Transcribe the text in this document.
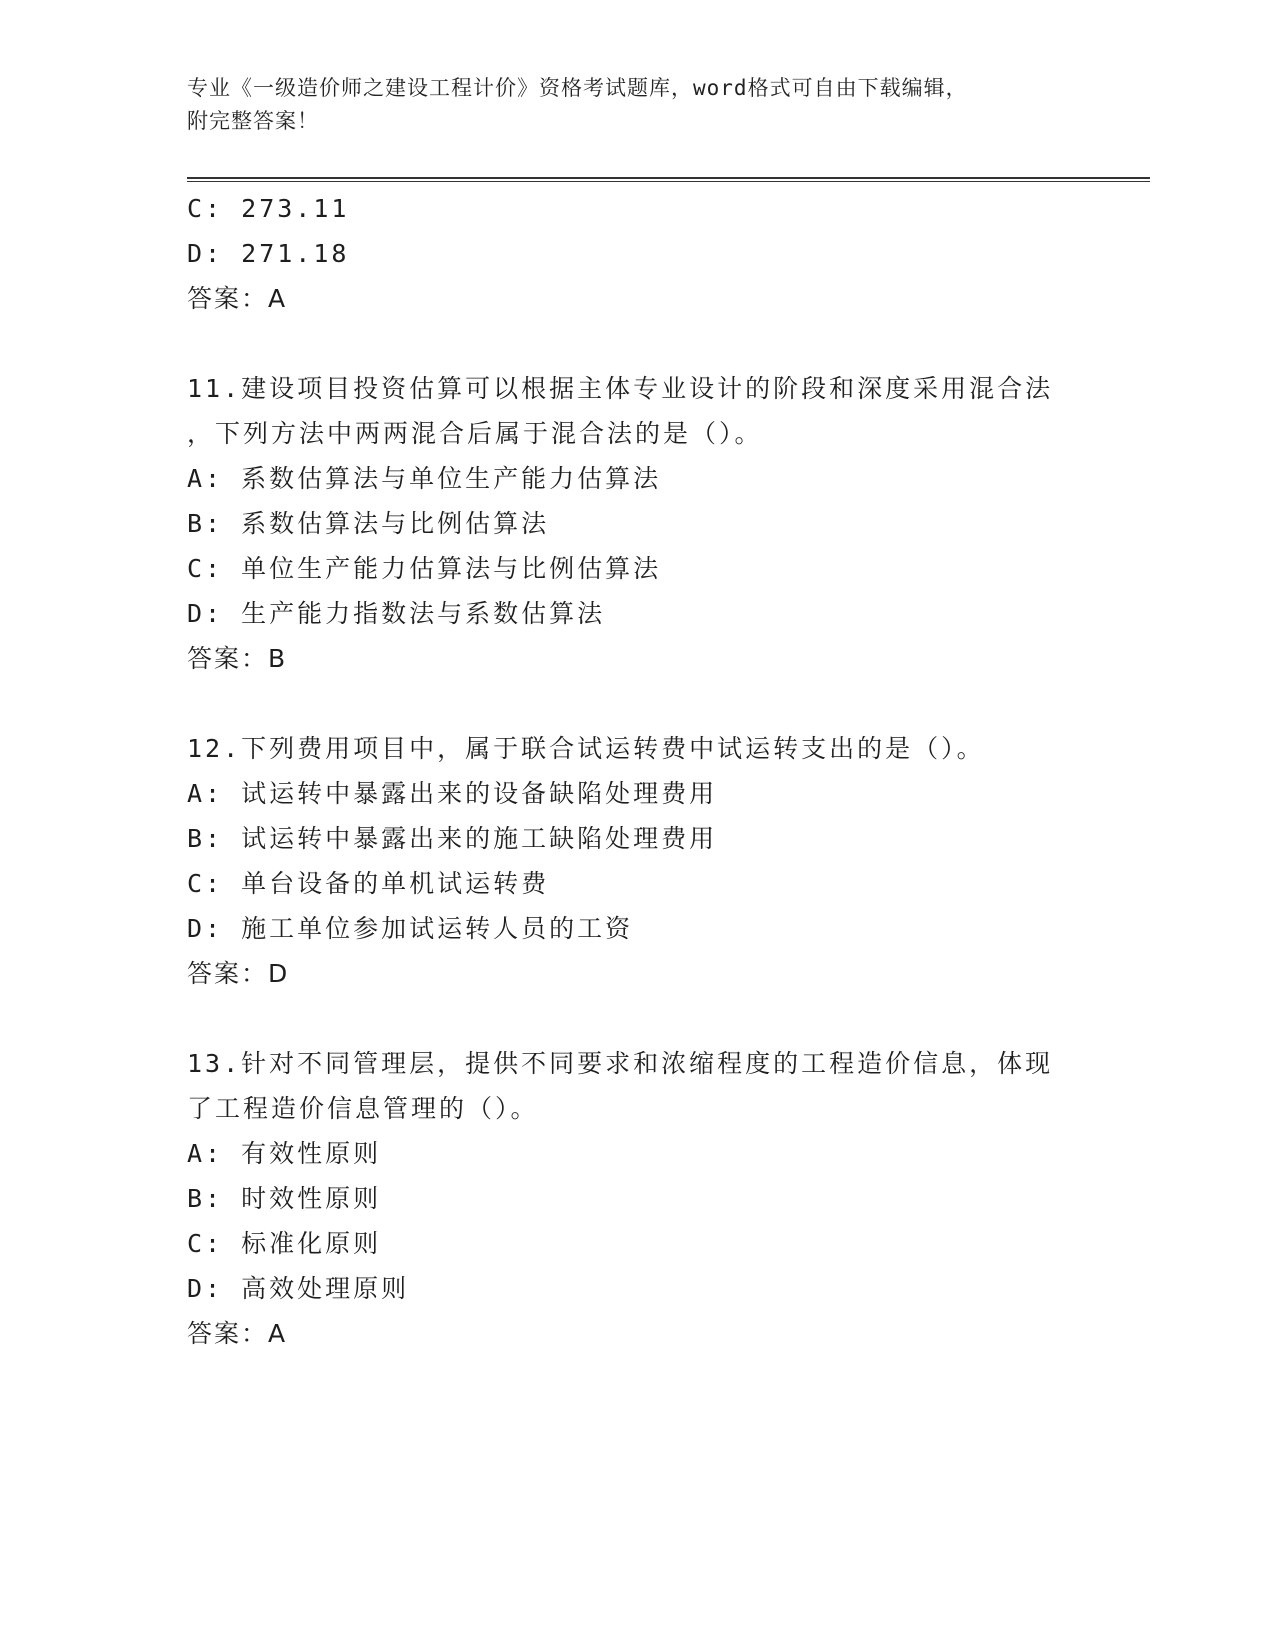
专业《一级造价师之建设工程计价》资格考试题库，word格式可自由下载编辑，
附完整答案！
C: 273.11
D: 271.18
答案：A
11.建设项目投资估算可以根据主体专业设计的阶段和深度采用混合法
，下列方法中两两混合后属于混合法的是（）。
A: 系数估算法与单位生产能力估算法
B: 系数估算法与比例估算法
C: 单位生产能力估算法与比例估算法
D: 生产能力指数法与系数估算法
答案：B
12.下列费用项目中，属于联合试运转费中试运转支出的是（）。
A: 试运转中暴露出来的设备缺陷处理费用
B: 试运转中暴露出来的施工缺陷处理费用
C: 单台设备的单机试运转费
D: 施工单位参加试运转人员的工资
答案：D
13.针对不同管理层，提供不同要求和浓缩程度的工程造价信息，体现
了工程造价信息管理的（）。
A: 有效性原则
B: 时效性原则
C: 标准化原则
D: 高效处理原则
答案：A
